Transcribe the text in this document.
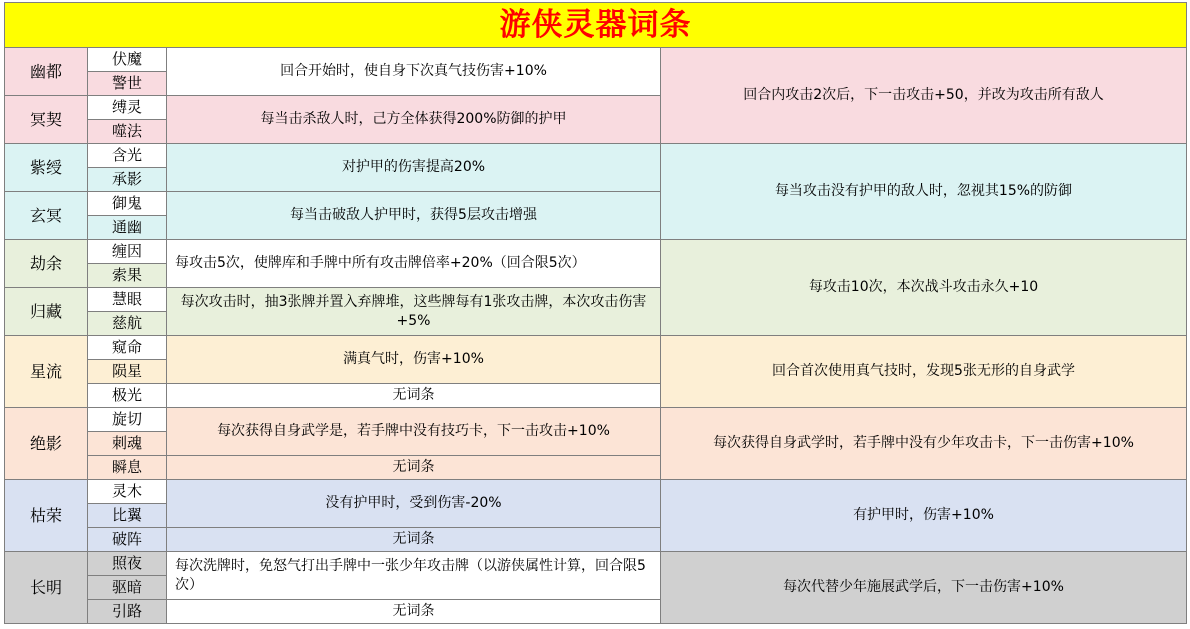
游侠灵器词条			
幽都	伏魔	回合开始时，使自身下次真气技伤害+10%	回合内攻击2次后，下一击攻击+50，并改为攻击所有敌人
	警世		
冥契	缚灵	每当击杀敌人时，己方全体获得200%防御的护甲	
	噬法		
紫绶	含光	对护甲的伤害提高20%	每当攻击没有护甲的敌人时，忽视其15%的防御
	承影		
玄冥	御鬼	每当击破敌人护甲时，获得5层攻击增强	
	通幽		
劫余	缠因	每攻击5次，使牌库和手牌中所有攻击牌倍率+20%（回合限5次）	每攻击10次，本次战斗攻击永久+10
	索果		
归藏	慧眼	每次攻击时，抽3张牌并置入弃牌堆，这些牌每有1张攻击牌，本次攻击伤害+5%	
	慈航		
星流	窥命	满真气时，伤害+10%	回合首次使用真气技时，发现5张无形的自身武学
	陨星		
	极光	无词条	
绝影	旋切	每次获得自身武学是，若手牌中没有技巧卡，下一击攻击+10%	每次获得自身武学时，若手牌中没有少年攻击卡，下一击伤害+10%
	刺魂		
	瞬息	无词条	
枯荣	灵木	没有护甲时，受到伤害-20%	有护甲时，伤害+10%
	比翼		
	破阵	无词条	
长明	照夜	每次洗牌时，免怒气打出手牌中一张少年攻击牌（以游侠属性计算，回合限5次）	每次代替少年施展武学后，下一击伤害+10%
	驱暗		
	引路	无词条	
